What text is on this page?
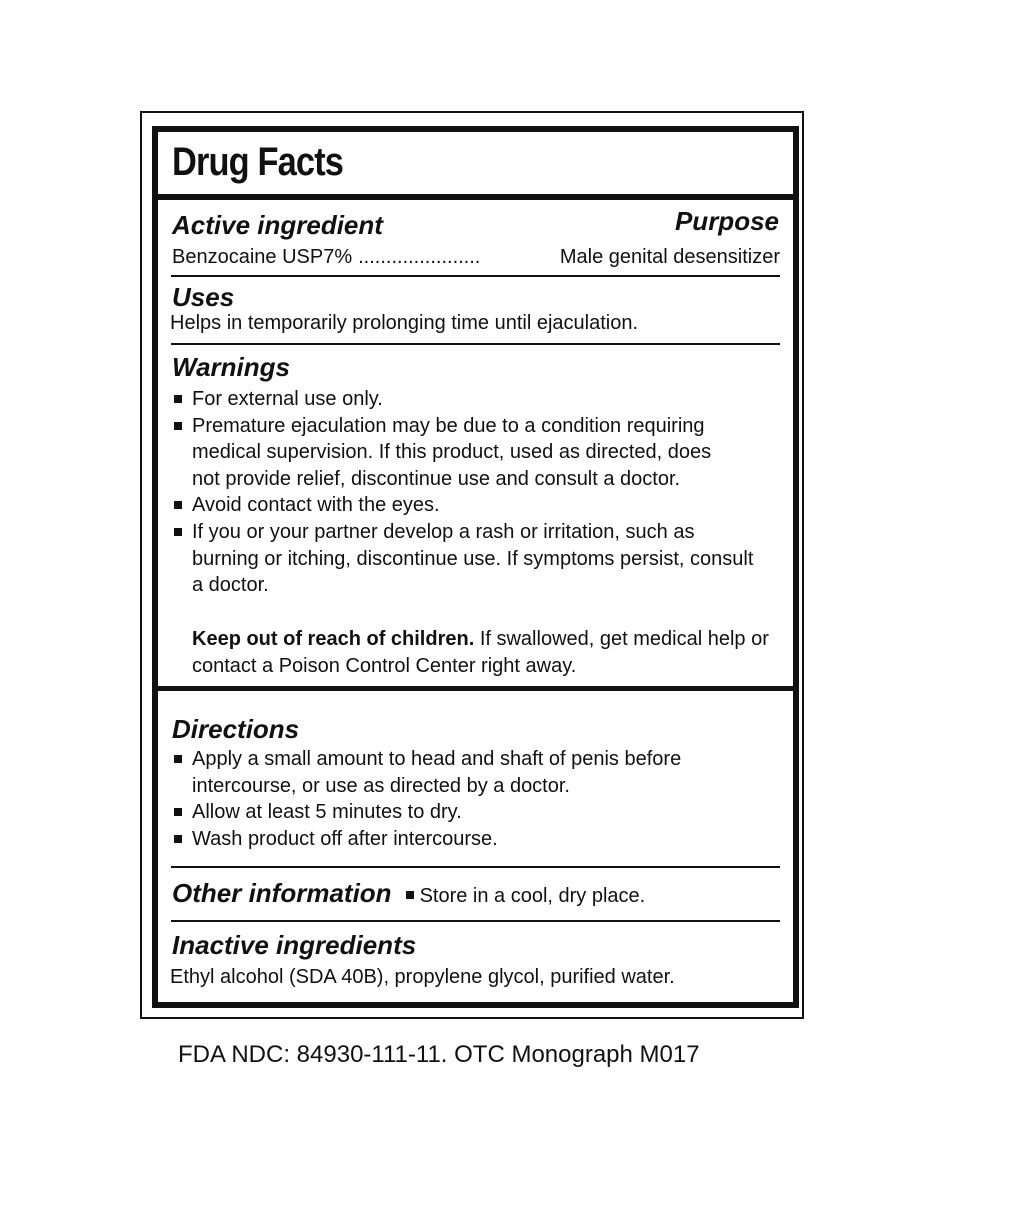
Drug Facts
Active ingredient	Purpose
Benzocaine USP7% ......................	Male genital desensitizer
Uses
Helps in temporarily prolonging time until ejaculation.
Warnings
For external use only.
Premature ejaculation may be due to a condition requiring medical supervision. If this product, used as directed, does not provide relief, discontinue use and consult a doctor.
Avoid contact with the eyes.
If you or your partner develop a rash or irritation, such as burning or itching, discontinue use. If symptoms persist, consult a doctor.
Keep out of reach of children. If swallowed, get medical help or contact a Poison Control Center right away.
Directions
Apply a small amount to head and shaft of penis before intercourse, or use as directed by a doctor.
Allow at least 5 minutes to dry.
Wash product off after intercourse.
Other information Store in a cool, dry place.
Inactive ingredients
Ethyl alcohol (SDA 40B), propylene glycol, purified water.
FDA NDC: 84930-111-11. OTC Monograph M017
